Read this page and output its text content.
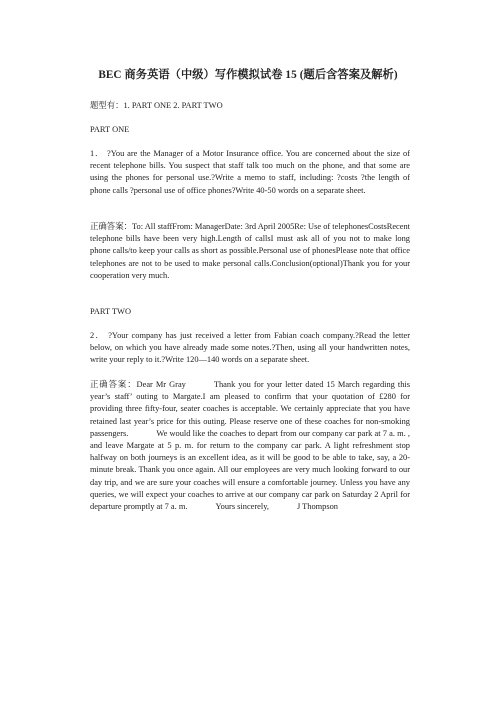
BEC 商务英语（中级）写作模拟试卷 15 (题后含答案及解析)
题型有：1. PART ONE 2. PART TWO
PART ONE

1． ?You are the Manager of a Motor Insurance office. You are concerned about the size of recent telephone bills. You suspect that staff talk too much on the phone, and that some are using the phones for personal use.?Write a memo to staff, including: ?costs ?the length of phone calls ?personal use of office phones?Write 40-50 words on a separate sheet.

正确答案：To: All staffFrom: ManagerDate: 3rd April 2005Re: Use of telephonesCostsRecent telephone bills have been very high.Length of callsI must ask all of you not to make long phone calls/to keep your calls as short as possible.Personal use of phonesPlease note that office telephones are not to be used to make personal calls.Conclusion(optional)Thank you for your cooperation very much.

PART TWO

2． ?Your company has just received a letter from Fabian coach company.?Read the letter below, on which you have already made some notes.?Then, using all your handwritten notes, write your reply to it.?Write 120—140 words on a separate sheet.

正确答案：Dear Mr Gray	Thank you for your letter dated 15 March regarding this year’s staff’ outing to Margate.I am pleased to confirm that your quotation of £280 for providing three fifty-four, seater coaches is acceptable. We certainly appreciate that you have retained last year’s price for this outing. Please reserve one of these coaches for non-smoking passengers.	We would like the coaches to depart from our company car park at 7 a. m. , and leave Margate at 5 p. m. for return to the company car park. A light refreshment stop halfway on both journeys is an excellent idea, as it will be good to be able to take, say, a 20-minute break. Thank you once again. All our employees are very much looking forward to our day trip, and we are sure your coaches will ensure a comfortable journey. Unless you have any queries, we will expect your coaches to arrive at our company car park on Saturday 2 April for departure promptly at 7 a. m.	Yours sincerely,	J Thompson
